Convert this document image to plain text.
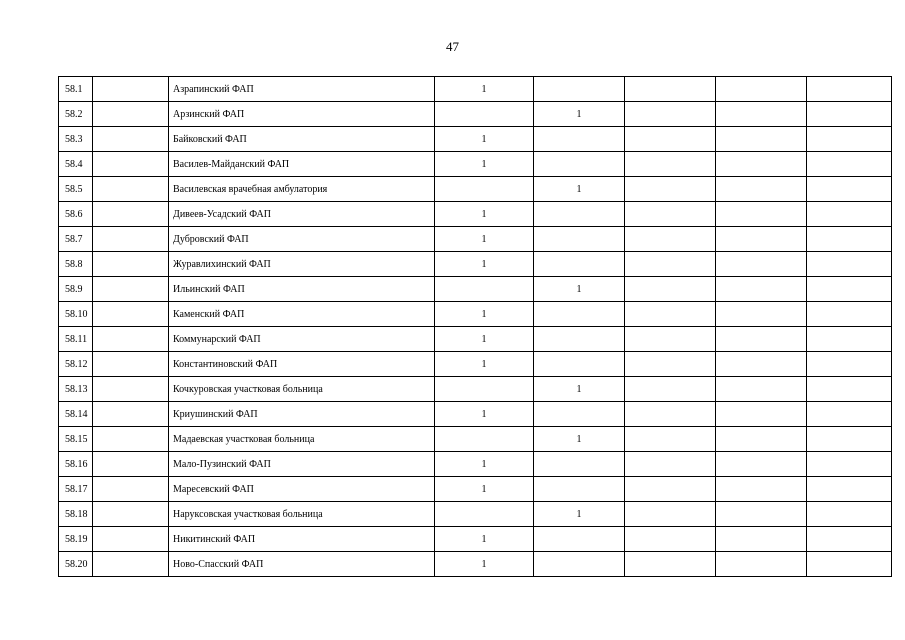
47
58.1		Азрапинский ФАП	1				
58.2		Арзинский ФАП		1			
58.3		Байковский ФАП	1				
58.4		Василев-Майданский ФАП	1				
58.5		Василевская врачебная амбулатория		1			
58.6		Дивеев-Усадский ФАП	1				
58.7		Дубровский ФАП	1				
58.8		Журавлихинский ФАП	1				
58.9		Ильинский ФАП		1			
58.10		Каменский ФАП	1				
58.11		Коммунарский ФАП	1				
58.12		Константиновский ФАП	1				
58.13		Кочкуровская участковая больница		1			
58.14		Криушинский ФАП	1				
58.15		Мадаевская участковая больница		1			
58.16		Мало-Пузинский ФАП	1				
58.17		Маресевский ФАП	1				
58.18		Наруксовская участковая больница		1			
58.19		Никитинский ФАП	1				
58.20		Ново-Спасский ФАП	1				
